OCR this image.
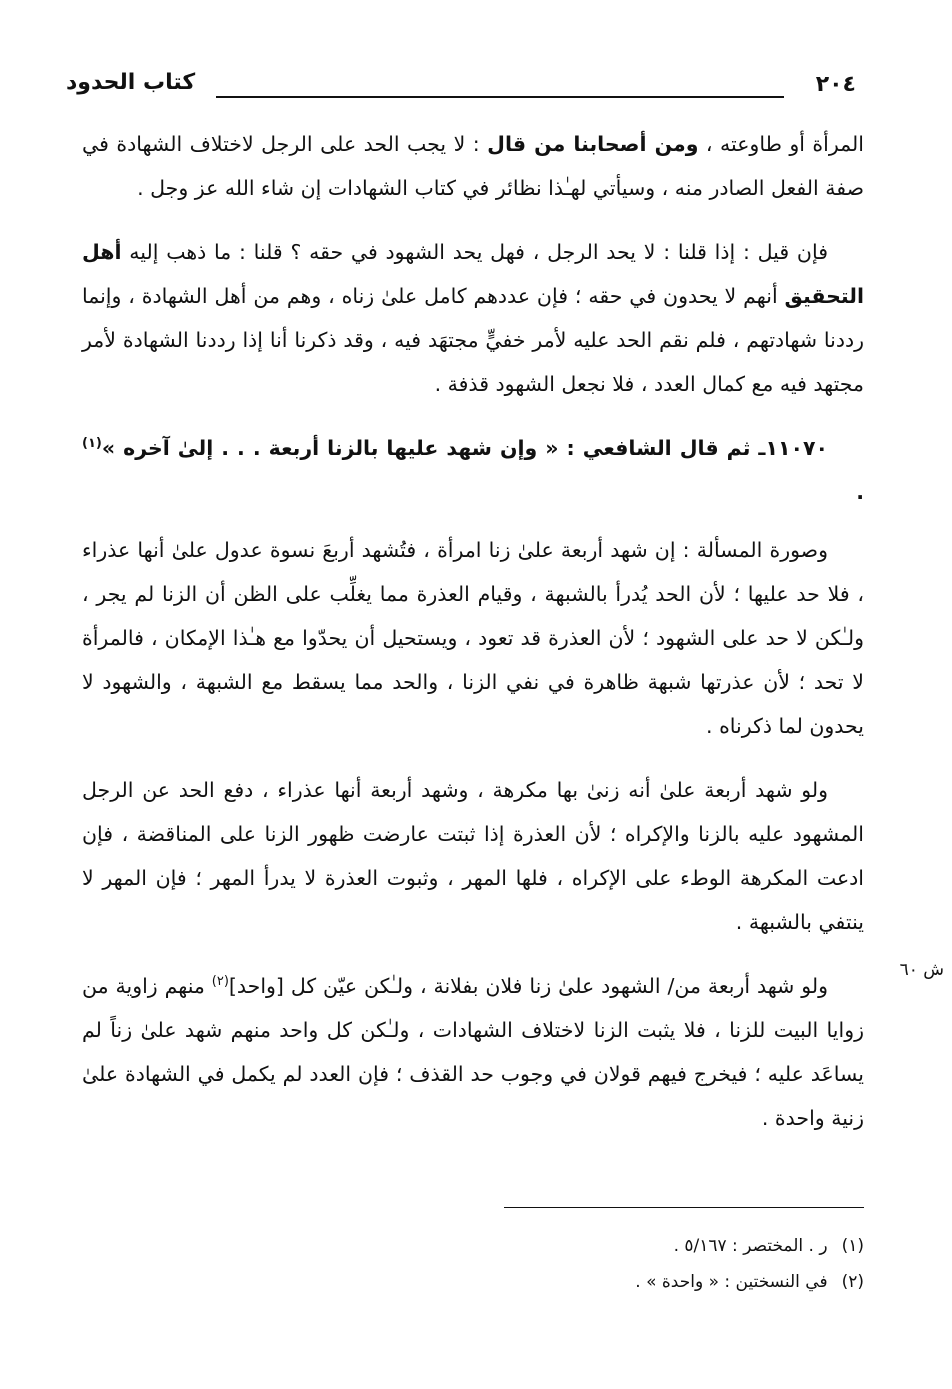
٢٠٤
كتاب الحدود

المرأة أو طاوعته ، ومن أصحابنا من قال : لا يجب الحد على الرجل لاختلاف الشهادة في صفة الفعل الصادر منه ، وسيأتي لهـٰذا نظائر في كتاب الشهادات إن شاء الله عز وجل .

فإن قيل : إذا قلنا : لا يحد الرجل ، فهل يحد الشهود في حقه ؟ قلنا : ما ذهب إليه أهل التحقيق أنهم لا يحدون في حقه ؛ فإن عددهم كامل علىٰ زناه ، وهم من أهل الشهادة ، وإنما رددنا شهادتهم ، فلم نقم الحد عليه لأمر خفيٍّ مجتهَد فيه ، وقد ذكرنا أنا إذا رددنا الشهادة لأمر مجتهد فيه مع كمال العدد ، فلا نجعل الشهود قذفة .

١١٠٧٠ـ ثم قال الشافعي : « وإن شهد عليها بالزنا أربعة . . . إلىٰ آخره »$^{(١)}$ .

وصورة المسألة : إن شهد أربعة علىٰ زنا امرأة ، فتُشهد أربعَ نسوة عدول علىٰ أنها عذراء ، فلا حد عليها ؛ لأن الحد يُدرأ بالشبهة ، وقيام العذرة مما يغلِّب على الظن أن الزنا لم يجر ، ولـٰكن لا حد على الشهود ؛ لأن العذرة قد تعود ، ويستحيل أن يحدّوا مع هـٰذا الإمكان ، فالمرأة لا تحد ؛ لأن عذرتها شبهة ظاهرة في نفي الزنا ، والحد مما يسقط مع الشبهة ، والشهود لا يحدون لما ذكرناه .

ولو شهد أربعة علىٰ أنه زنىٰ بها مكرهة ، وشهد أربعة أنها عذراء ، دفع الحد عن الرجل المشهود عليه بالزنا والإكراه ؛ لأن العذرة إذا ثبتت عارضت ظهور الزنا على المناقضة ، فإن ادعت المكرهة الوطء على الإكراه ، فلها المهر ، وثبوت العذرة لا يدرأ المهر ؛ فإن المهر لا ينتفي بالشبهة .

ولو شهد أربعة من/ الشهود علىٰ زنا فلان بفلانة ، ولـٰكن عيّن كل [واحد]$^{(٢)}$ منهم زاوية من زوايا البيت للزنا ، فلا يثبت الزنا لاختلاف الشهادات ، ولـٰكن كل واحد منهم شهد علىٰ زناً لم يساعَد عليه ؛ فيخرج فيهم قولان في وجوب حد القذف ؛ فإن العدد لم يكمل في الشهادة علىٰ زنية واحدة .

ش ٦٠
(١)ر . المختصر : ٥/١٦٧ .
(٢)في النسختين : « واحدة » .
